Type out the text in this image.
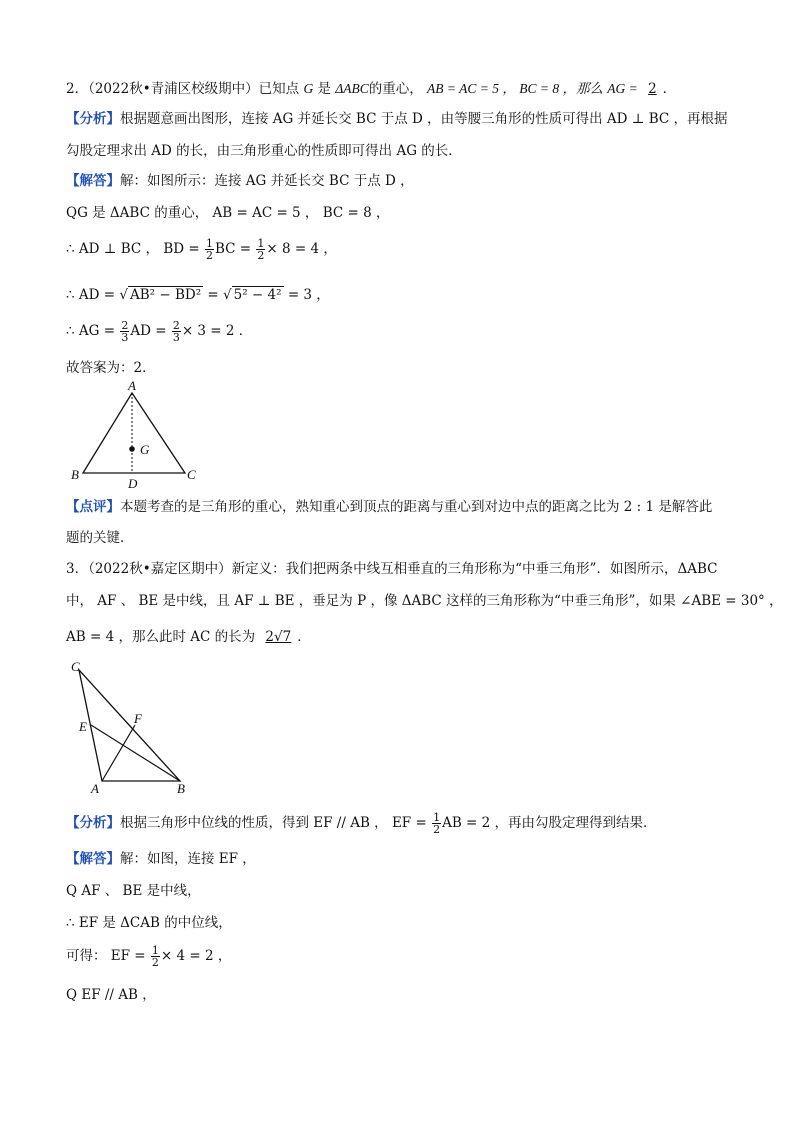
2．（2022秋•青浦区校级期中）已知点 G 是 ΔABC的重心， AB = AC = 5 ， BC = 8 ，那么 AG = 2 ．
【分析】根据题意画出图形，连接 AG 并延长交 BC 于点 D ，由等腰三角形的性质可得出 AD ⊥ BC ，再根据
勾股定理求出 AD 的长，由三角形重心的性质即可得出 AG 的长．
【解答】解：如图所示：连接 AG 并延长交 BC 于点 D ，
QG 是 ΔABC 的重心， AB = AC = 5 ， BC = 8 ，
∴ AD ⊥ BC ， BD = $\frac{1}{2}$ BC = $\frac{1}{2} \times 8 = 4$ ，
∴ AD = √ AB² − BD² = √ 5² − 4² = 3 ，
∴ AG = $\frac{2}{3}$ AD = $\frac{2}{3} \times 3 = 2$ ．
故答案为：2．
A
B	C
D
G
【点评】本题考查的是三角形的重心，熟知重心到顶点的距离与重心到对边中点的距离之比为 2 : 1 是解答此
题的关键．
3．（2022秋•嘉定区期中）新定义：我们把两条中线互相垂直的三角形称为“中垂三角形”．如图所示，ΔABC
中， AF 、 BE 是中线，且 AF ⊥ BE ，垂足为 P ，像 ΔABC 这样的三角形称为“中垂三角形”，如果 ∠ABE = 30° ，
AB = 4 ，那么此时 AC 的长为 2√7 ．
C
E
F
A	B
【分析】根据三角形中位线的性质，得到 EF // AB ， EF = $\frac{1}{2}$ AB = 2 ，再由勾股定理得到结果．
【解答】解：如图，连接 EF ，
Q AF 、 BE 是中线，
∴ EF 是 ΔCAB 的中位线，
可得： EF = $\frac{1}{2} \times 4 = 2$ ，
Q EF // AB ，
